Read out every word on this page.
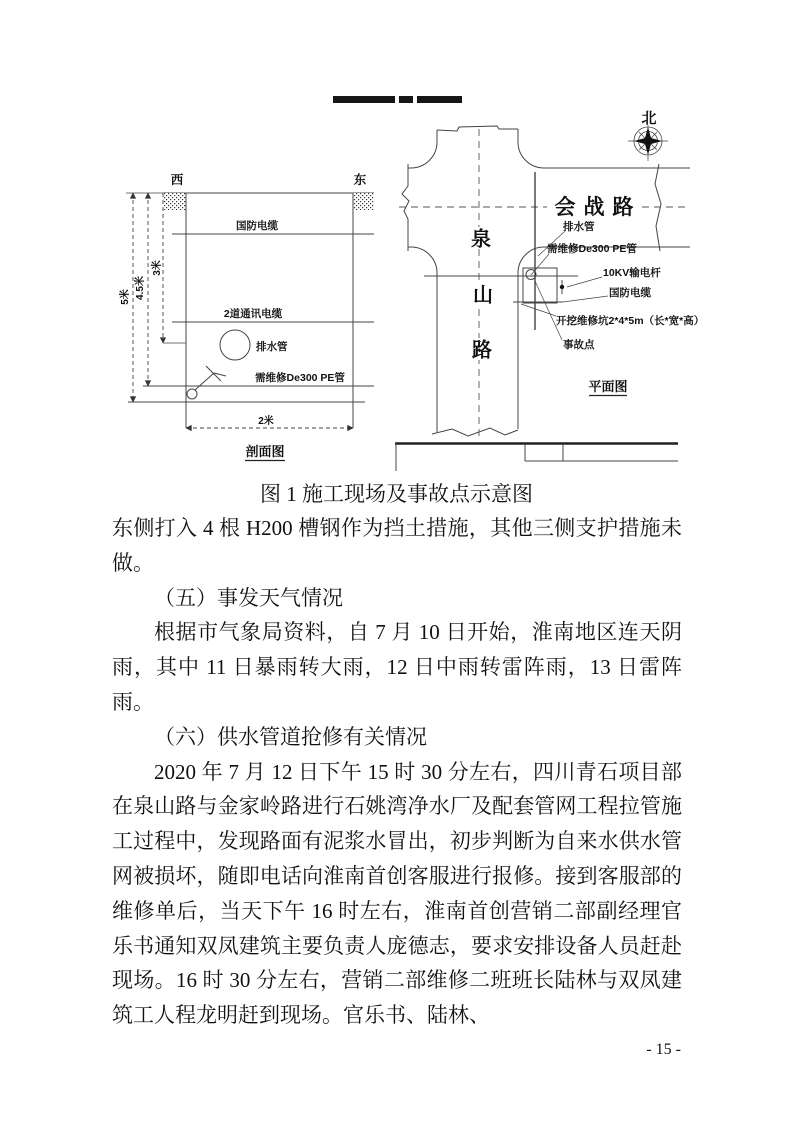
西	东
国防电缆
2道通讯电缆
排水管
需维修De300 PE管
5米 4.5米
3米
2米
剖面图
北
会战路
泉
山
路
排水管
需维修De300 PE管
10KV输电杆
国防电缆
开挖维修坑2*4*5m（长*宽*高）
事故点
平面图
图 1 施工现场及事故点示意图

东侧打入 4 根 H200 槽钢作为挡土措施，其他三侧支护措施未做。

（五）事发天气情况

根据市气象局资料，自 7 月 10 日开始，淮南地区连天阴雨，其中 11 日暴雨转大雨，12 日中雨转雷阵雨，13 日雷阵雨。

（六）供水管道抢修有关情况

2020 年 7 月 12 日下午 15 时 30 分左右，四川青石项目部在泉山路与金家岭路进行石姚湾净水厂及配套管网工程拉管施工过程中，发现路面有泥浆水冒出，初步判断为自来水供水管网被损坏，随即电话向淮南首创客服进行报修。接到客服部的维修单后，当天下午 16 时左右，淮南首创营销二部副经理官乐书通知双凤建筑主要负责人庞德志，要求安排设备人员赶赴现场。16 时 30 分左右，营销二部维修二班班长陆林与双凤建筑工人程龙明赶到现场。官乐书、陆林、

- 15 -
